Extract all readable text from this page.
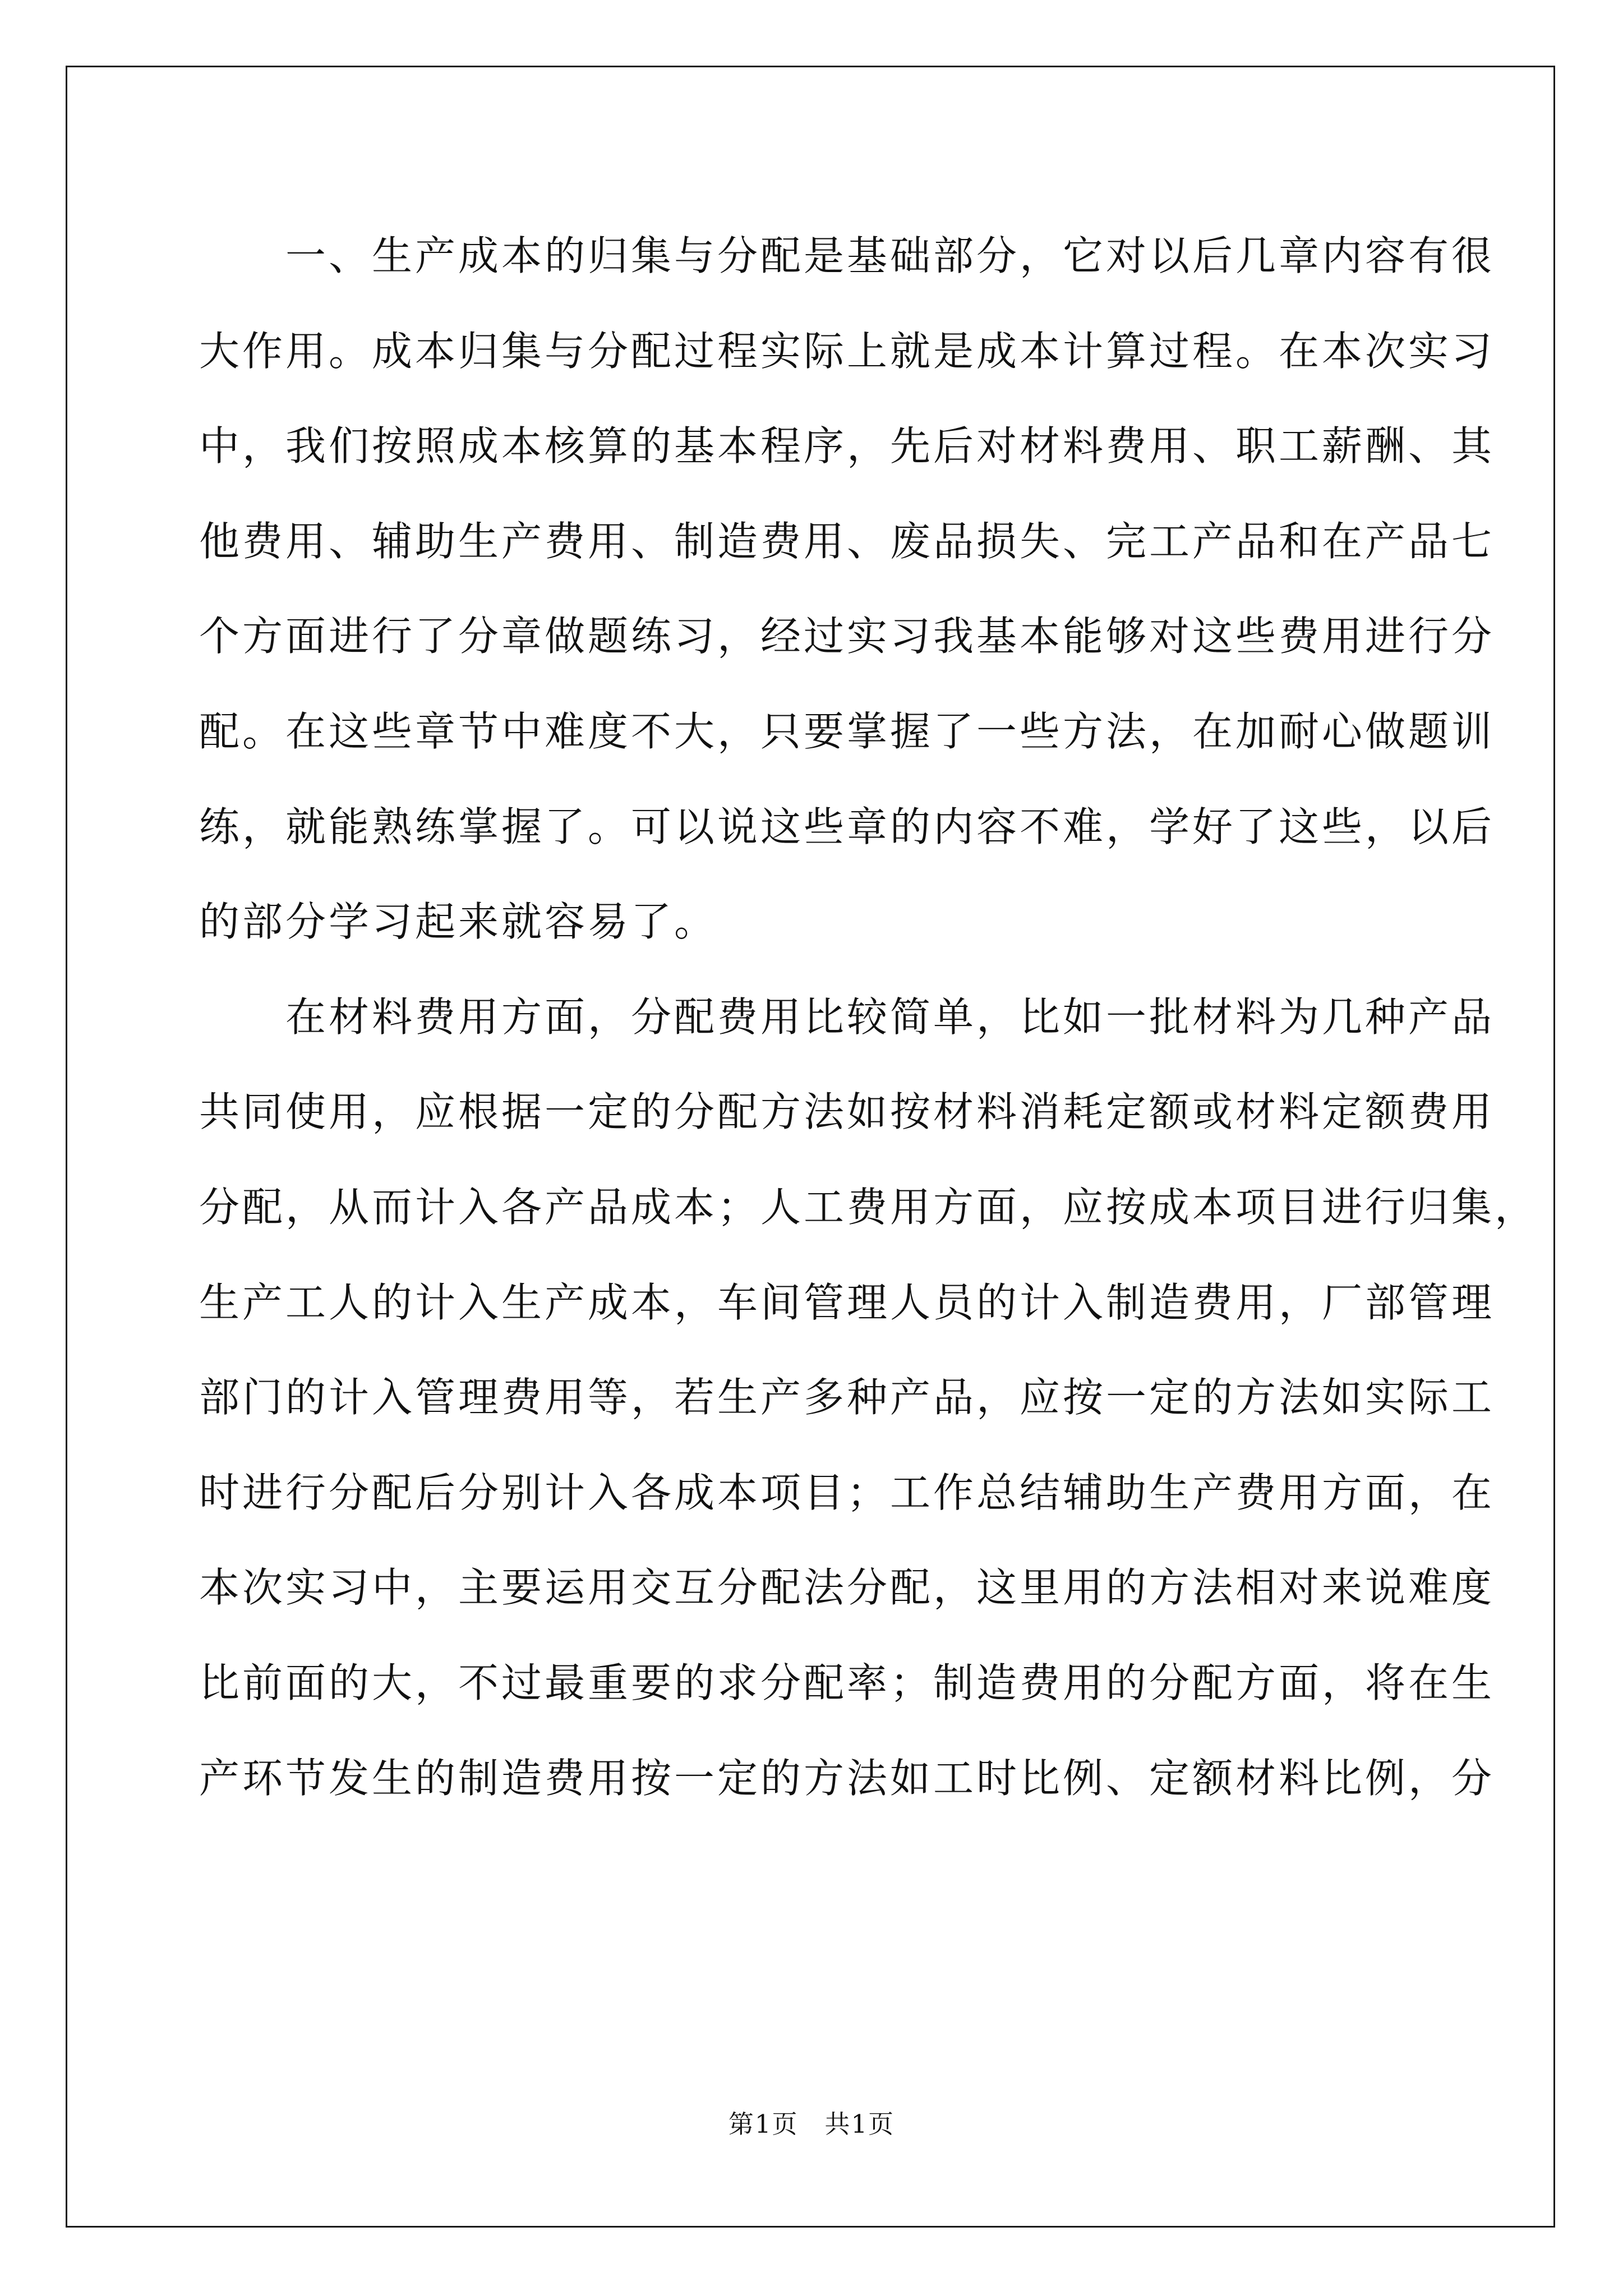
　　一、生产成本的归集与分配是基础部分，它对以后几章内容有很
大作用。成本归集与分配过程实际上就是成本计算过程。在本次实习
中，我们按照成本核算的基本程序，先后对材料费用、职工薪酬、其
他费用、辅助生产费用、制造费用、废品损失、完工产品和在产品七
个方面进行了分章做题练习，经过实习我基本能够对这些费用进行分
配。在这些章节中难度不大，只要掌握了一些方法，在加耐心做题训
练，就能熟练掌握了。可以说这些章的内容不难，学好了这些，以后
的部分学习起来就容易了。
　　在材料费用方面，分配费用比较简单，比如一批材料为几种产品
共同使用，应根据一定的分配方法如按材料消耗定额或材料定额费用
分配，从而计入各产品成本；人工费用方面，应按成本项目进行归集，
生产工人的计入生产成本，车间管理人员的计入制造费用，厂部管理
部门的计入管理费用等，若生产多种产品，应按一定的方法如实际工
时进行分配后分别计入各成本项目；工作总结辅助生产费用方面，在
本次实习中，主要运用交互分配法分配，这里用的方法相对来说难度
比前面的大，不过最重要的求分配率；制造费用的分配方面，将在生
产环节发生的制造费用按一定的方法如工时比例、定额材料比例，分
第1页　共1页
